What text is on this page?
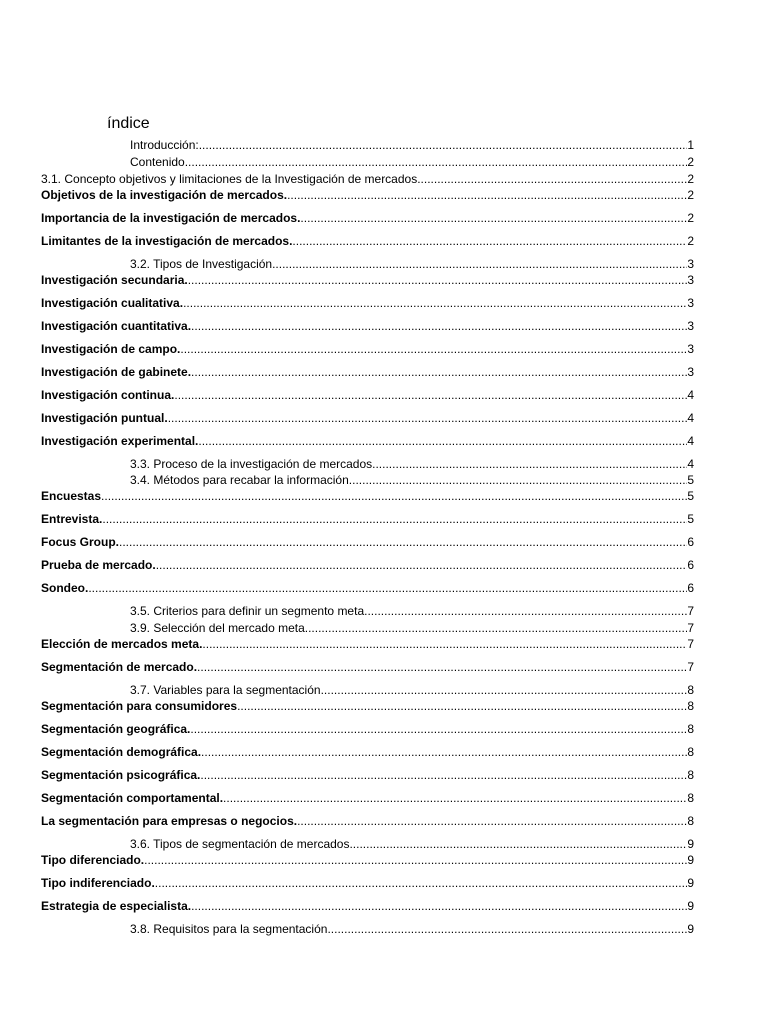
índice
Introducción: .....	1
Contenido .....	2
3.1. Concepto objetivos y limitaciones de la Investigación de mercados .....	2
Objetivos de la investigación de mercados. .....	2
Importancia de la investigación de mercados. .....	2
Limitantes de la investigación de mercados. .....	2
3.2. Tipos de Investigación .....	3
Investigación secundaria. .....	3
Investigación cualitativa. .....	3
Investigación cuantitativa. .....	3
Investigación de campo. .....	3
Investigación de gabinete. .....	3
Investigación continua. .....	4
Investigación puntual. .....	4
Investigación experimental. .....	4
3.3. Proceso de la investigación de mercados .....	4
3.4. Métodos para recabar la información. .....	5
Encuestas .....	5
Entrevista. .....	5
Focus Group. .....	6
Prueba de mercado. .....	6
Sondeo. .....	6
3.5. Criterios para definir un segmento meta .....	7
3.9. Selección del mercado meta .....	7
Elección de mercados meta. .....	7
Segmentación de mercado. .....	7
3.7. Variables para la segmentación .....	8
Segmentación para consumidores .....	8
Segmentación geográfica. .....	8
Segmentación demográfica. .....	8
Segmentación psicográfica. .....	8
Segmentación comportamental. .....	8
La segmentación para empresas o negocios. .....	8
3.6. Tipos de segmentación de mercados .....	9
Tipo diferenciado. .....	9
Tipo indiferenciado. .....	9
Estrategia de especialista. .....	9
3.8. Requisitos para la segmentación .....	9
